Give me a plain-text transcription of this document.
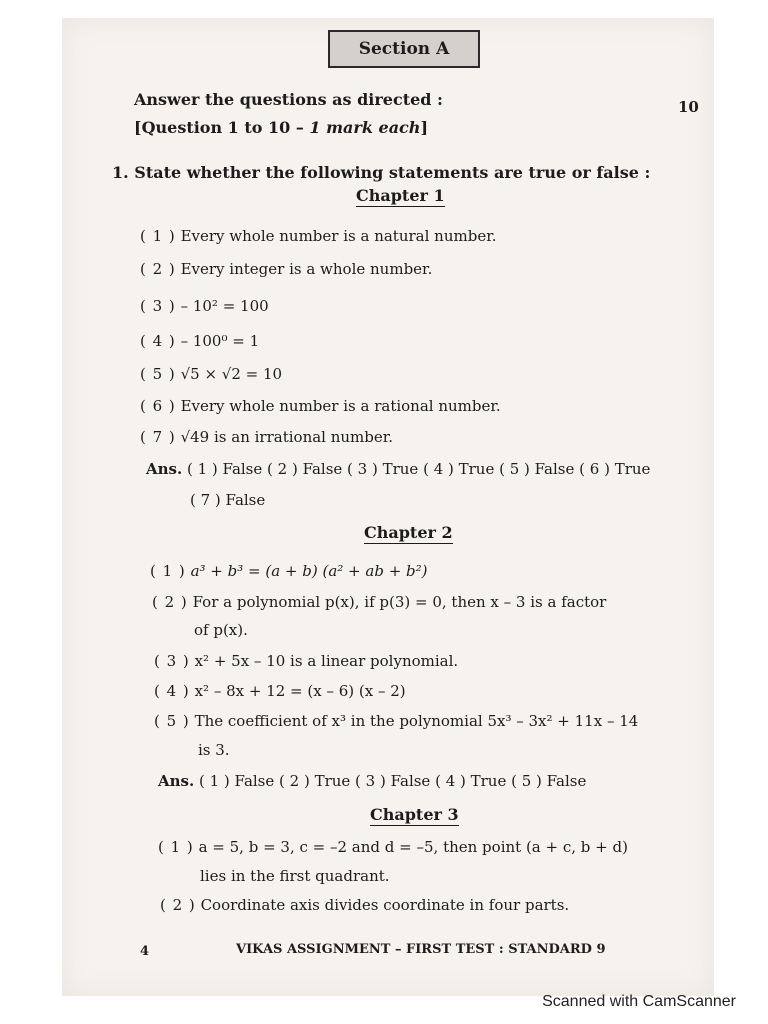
Section A
Answer the questions as directed :	10
[Question 1 to 10 – 1 mark each]
1. State whether the following statements are true or false :
Chapter 1
( 1 ) Every whole number is a natural number.
( 2 ) Every integer is a whole number.
( 3 ) – 10² = 100
( 4 ) – 100⁰ = 1
( 5 ) √5 × √2 = 10
( 6 ) Every whole number is a rational number.
( 7 ) √49 is an irrational number.
Ans. ( 1 ) False ( 2 ) False ( 3 ) True ( 4 ) True ( 5 ) False ( 6 ) True
( 7 ) False
Chapter 2
( 1 ) a³ + b³ = (a + b) (a² + ab + b²)
( 2 ) For a polynomial p(x), if p(3) = 0, then x – 3 is a factor
of p(x).
( 3 ) x² + 5x – 10 is a linear polynomial.
( 4 ) x² – 8x + 12 = (x – 6) (x – 2)
( 5 ) The coefficient of x³ in the polynomial 5x³ – 3x² + 11x – 14
is 3.
Ans. ( 1 ) False ( 2 ) True ( 3 ) False ( 4 ) True ( 5 ) False
Chapter 3
( 1 ) a = 5, b = 3, c = –2 and d = –5, then point (a + c, b + d)
lies in the first quadrant.
( 2 ) Coordinate axis divides coordinate in four parts.
4	VIKAS ASSIGNMENT – FIRST TEST : STANDARD 9
Scanned with CamScanner
